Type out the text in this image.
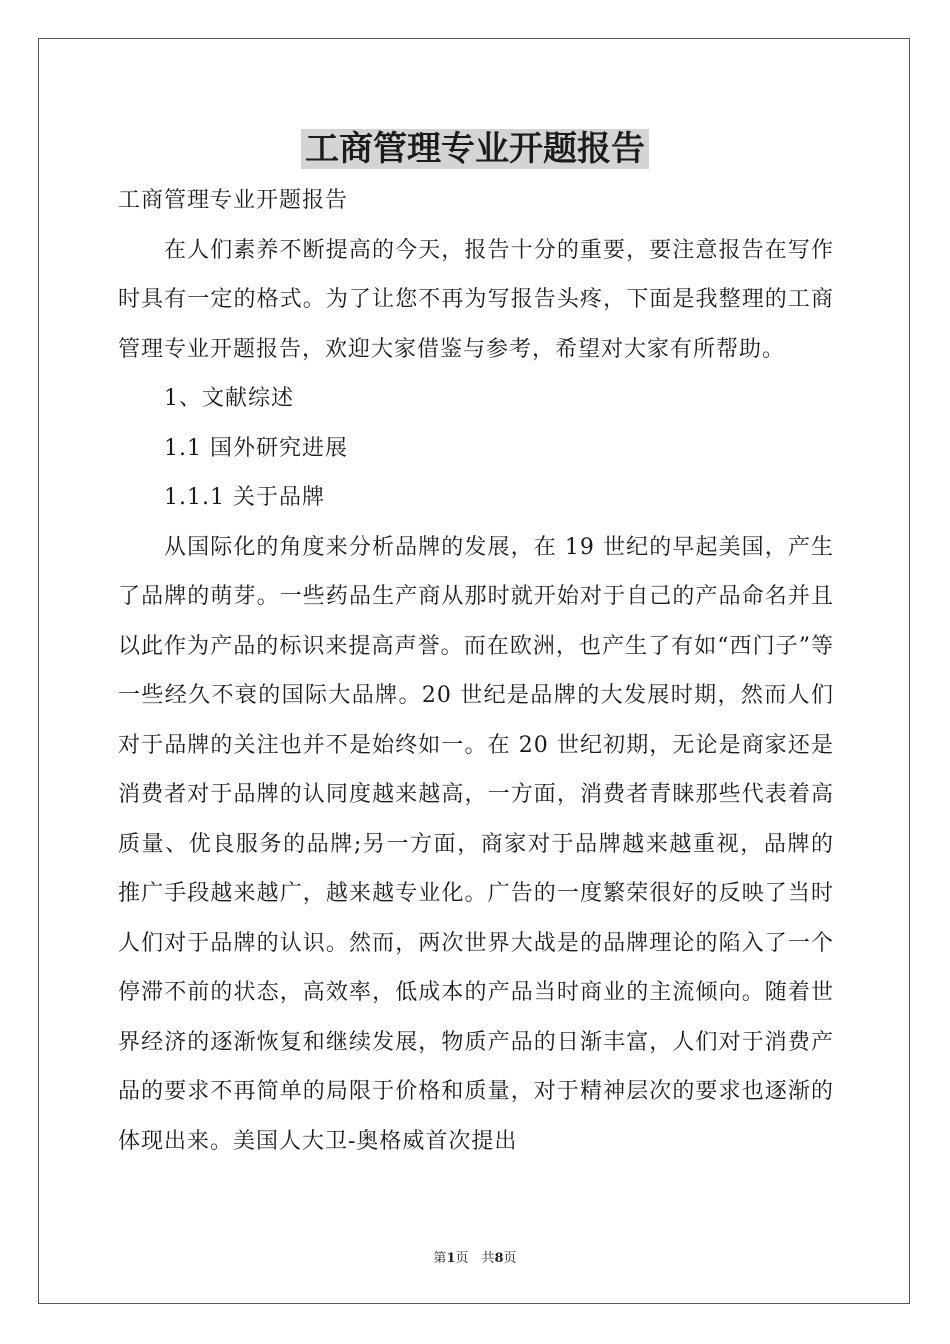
工商管理专业开题报告

工商管理专业开题报告

在人们素养不断提高的今天，报告十分的重要，要注意报告在写作时具有一定的格式。为了让您不再为写报告头疼，下面是我整理的工商管理专业开题报告，欢迎大家借鉴与参考，希望对大家有所帮助。

1、文献综述

1.1 国外研究进展

1.1.1 关于品牌

从国际化的角度来分析品牌的发展，在 19 世纪的早起美国，产生了品牌的萌芽。一些药品生产商从那时就开始对于自己的产品命名并且以此作为产品的标识来提高声誉。而在欧洲，也产生了有如“西门子”等一些经久不衰的国际大品牌。20 世纪是品牌的大发展时期，然而人们对于品牌的关注也并不是始终如一。在 20 世纪初期，无论是商家还是消费者对于品牌的认同度越来越高，一方面，消费者青睐那些代表着高质量、优良服务的品牌;另一方面，商家对于品牌越来越重视，品牌的推广手段越来越广，越来越专业化。广告的一度繁荣很好的反映了当时人们对于品牌的认识。然而，两次世界大战是的品牌理论的陷入了一个停滞不前的状态，高效率，低成本的产品当时商业的主流倾向。随着世界经济的逐渐恢复和继续发展，物质产品的日渐丰富，人们对于消费产品的要求不再简单的局限于价格和质量，对于精神层次的要求也逐渐的体现出来。美国人大卫-奥格威首次提出

第1页　共8页
